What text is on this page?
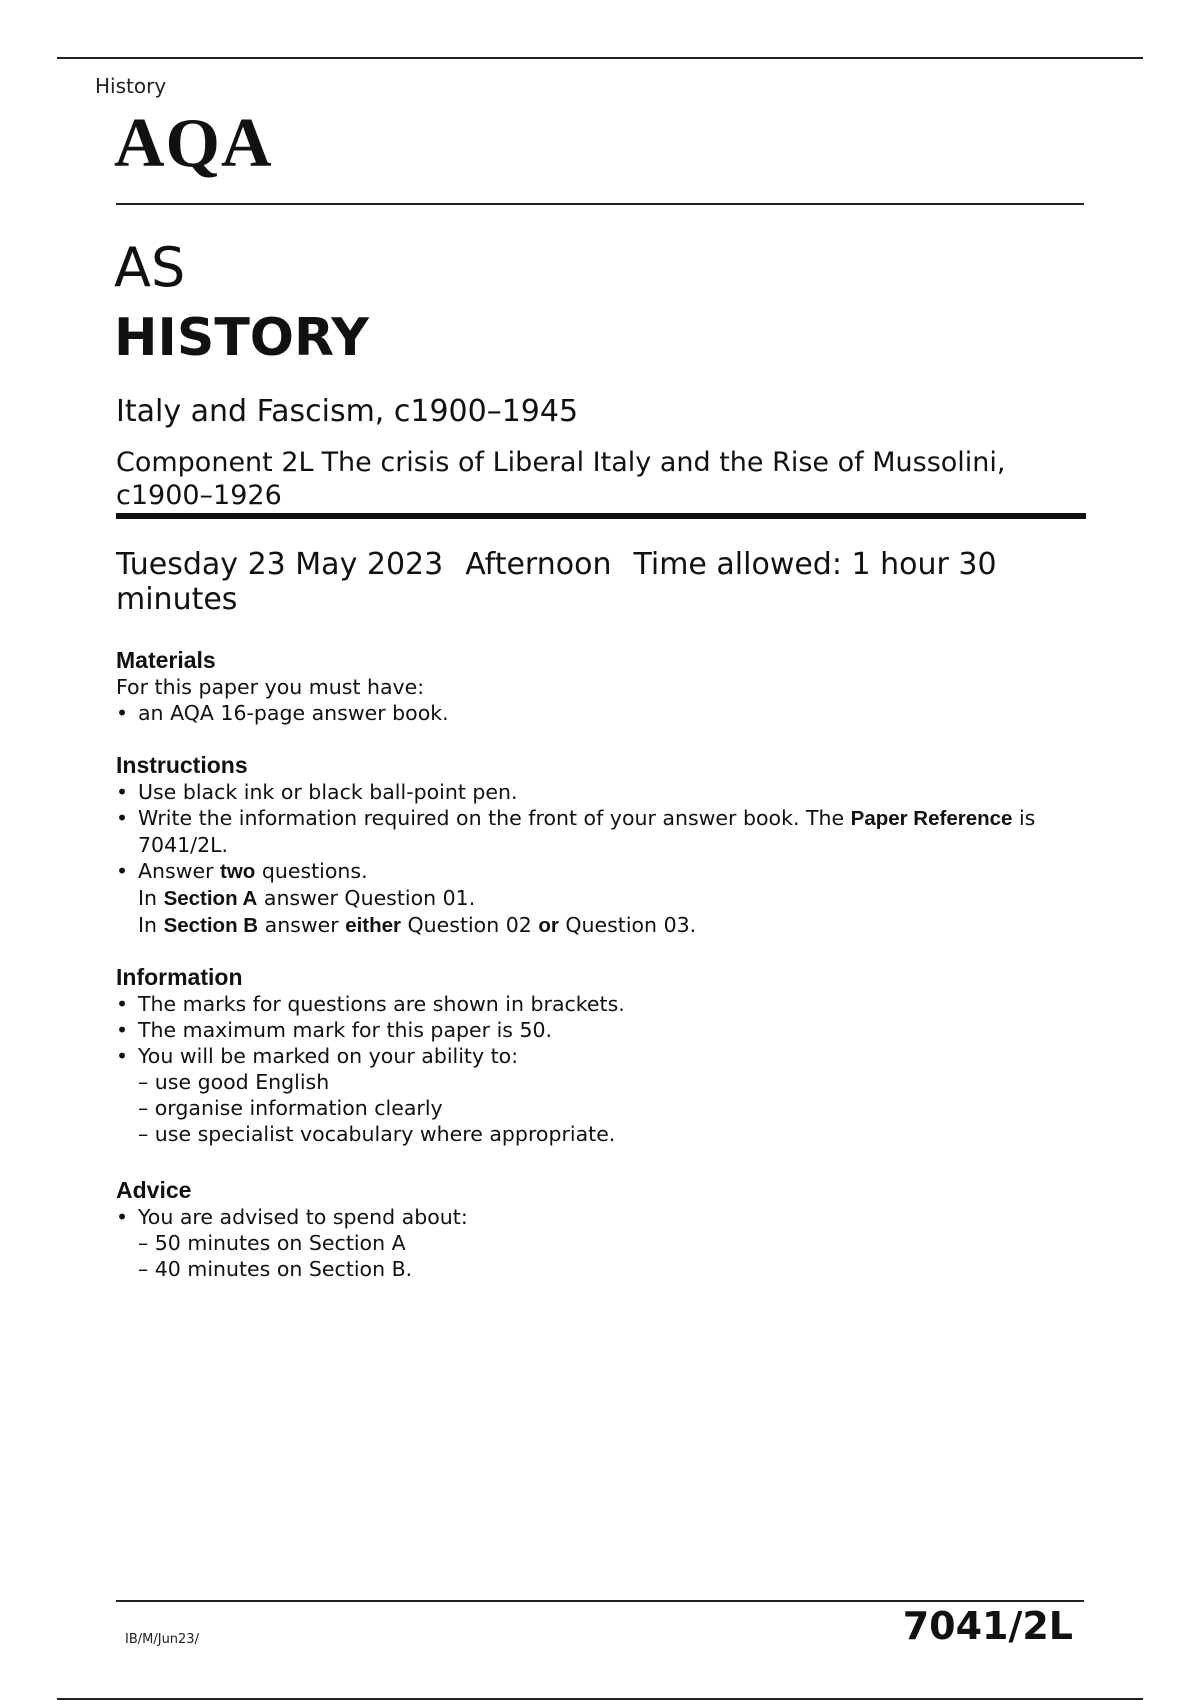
History
AQA
AS
HISTORY
Italy and Fascism, c1900–1945
Component 2L The crisis of Liberal Italy and the Rise of Mussolini, c1900–1926
Tuesday 23 May 2023 Afternoon Time allowed: 1 hour 30 minutes
Materials
For this paper you must have:
• an AQA 16-page answer book.
Instructions
• Use black ink or black ball-point pen.
• Write the information required on the front of your answer book. The Paper Reference is 7041/2L.
• Answer two questions.
In Section A answer Question 01.
In Section B answer either Question 02 or Question 03.
Information
• The marks for questions are shown in brackets.
• The maximum mark for this paper is 50.
• You will be marked on your ability to:
– use good English
– organise information clearly
– use specialist vocabulary where appropriate.
Advice
• You are advised to spend about:
– 50 minutes on Section A
– 40 minutes on Section B.
IB/M/Jun23/	7041/2L
